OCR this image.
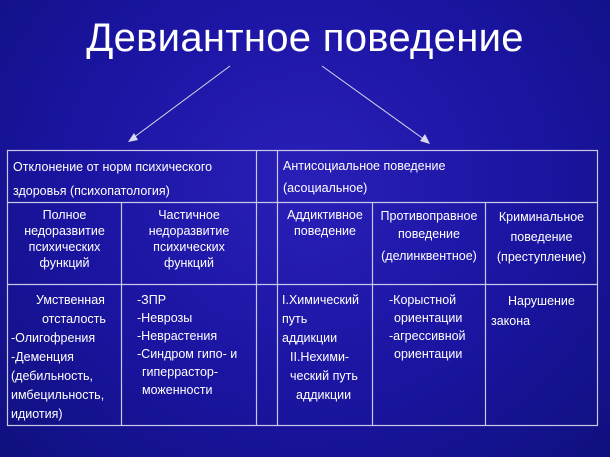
Девиантное поведение
Отклонение от норм психического
здоровья (психопатология)
Антисоциальное поведение
(асоциальное)
Полное
недоразвитие
психических
функций
Частичное
недоразвитие
психических
функций
Аддиктивное
поведение
Противоправное
поведение
(делинквентное)
Криминальное
поведение
(преступление)
Умственная
отсталость
-Олигофрения
-Деменция
(дебильность,
имбецильность,
идиотия)
-ЗПР
-Неврозы
-Неврастения
-Синдром гипо- и
гиперрастор-
моженности
I.Химический
путь
аддикции
II.Нехими-
ческий путь
аддикции
-Корыстной
ориентации
-агрессивной
ориентации
Нарушение
закона
